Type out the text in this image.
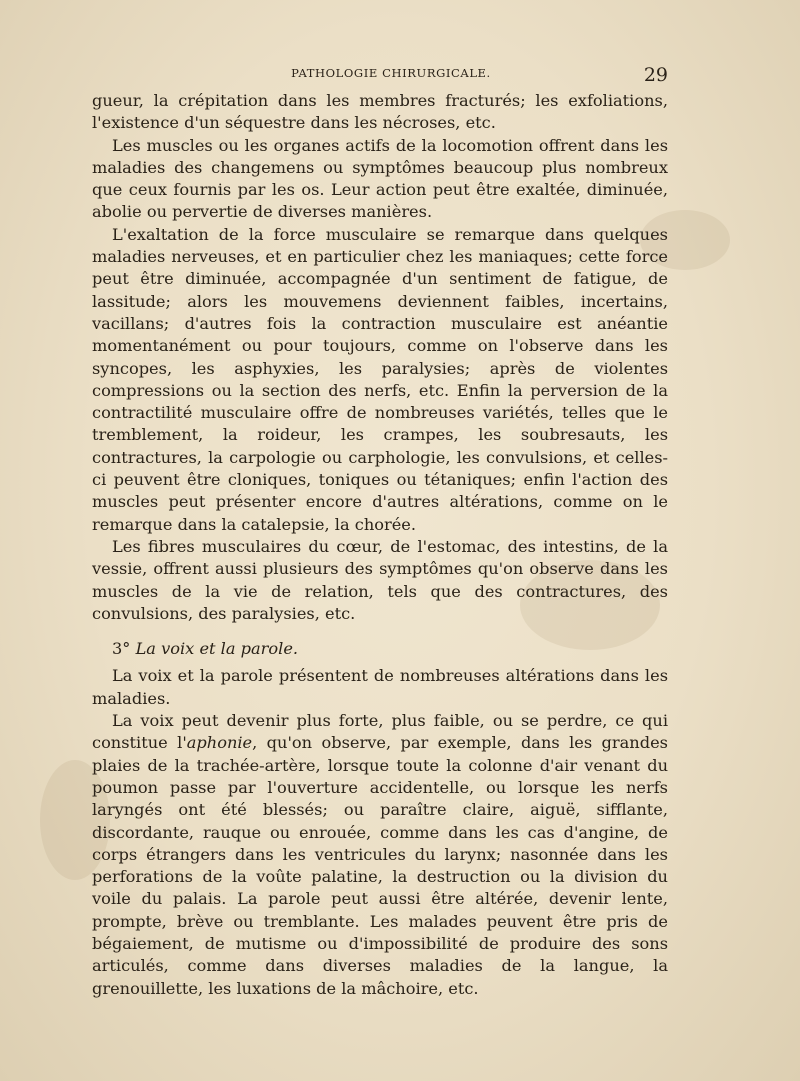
PATHOLOGIE CHIRURGICALE.	29

gueur, la crépitation dans les membres fracturés; les exfoliations, l'existence d'un séquestre dans les nécroses, etc.

Les muscles ou les organes actifs de la locomotion offrent dans les maladies des changemens ou symptômes beaucoup plus nombreux que ceux fournis par les os. Leur action peut être exaltée, diminuée, abolie ou pervertie de diverses manières.

L'exaltation de la force musculaire se remarque dans quelques maladies nerveuses, et en particulier chez les maniaques; cette force peut être diminuée, accompagnée d'un sentiment de fatigue, de lassitude; alors les mouvemens deviennent faibles, incertains, vacillans; d'autres fois la contraction musculaire est anéantie momentanément ou pour toujours, comme on l'observe dans les syncopes, les asphyxies, les paralysies; après de violentes compressions ou la section des nerfs, etc. Enfin la perversion de la contractilité musculaire offre de nombreuses variétés, telles que le tremblement, la roideur, les crampes, les soubresauts, les contractures, la carpologie ou carphologie, les convulsions, et celles-ci peuvent être cloniques, toniques ou tétaniques; enfin l'action des muscles peut présenter encore d'autres altérations, comme on le remarque dans la catalepsie, la chorée.

Les fibres musculaires du cœur, de l'estomac, des intestins, de la vessie, offrent aussi plusieurs des symptômes qu'on observe dans les muscles de la vie de relation, tels que des contractures, des convulsions, des paralysies, etc.

3° La voix et la parole.

La voix et la parole présentent de nombreuses altérations dans les maladies.

La voix peut devenir plus forte, plus faible, ou se perdre, ce qui constitue l'aphonie, qu'on observe, par exemple, dans les grandes plaies de la trachée-artère, lorsque toute la colonne d'air venant du poumon passe par l'ouverture accidentelle, ou lorsque les nerfs laryngés ont été blessés; ou paraître claire, aiguë, sifflante, discordante, rauque ou enrouée, comme dans les cas d'angine, de corps étrangers dans les ventricules du larynx; nasonnée dans les perforations de la voûte palatine, la destruction ou la division du voile du palais. La parole peut aussi être altérée, devenir lente, prompte, brève ou tremblante. Les malades peuvent être pris de bégaiement, de mutisme ou d'impossibilité de produire des sons articulés, comme dans diverses maladies de la langue, la grenouillette, les luxations de la mâchoire, etc.
